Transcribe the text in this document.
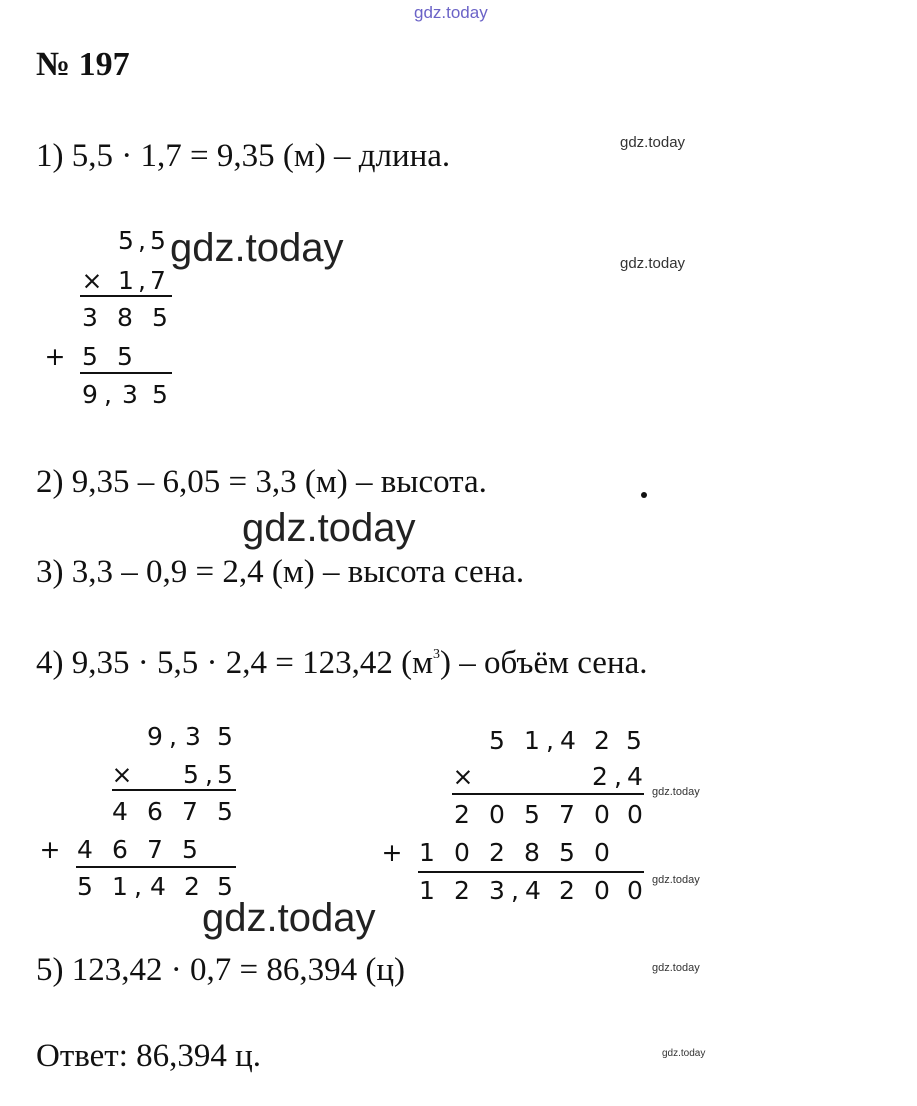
gdz.today
№ 197
1) 5,5 · 1,7 = 9,35 (м) – длина.	gdz.today
5 , 5
× 1 , 7
3 8 5
+ 5 5
9 , 3 5
gdz.today	gdz.today
2) 9,35 – 6,05 = 3,3 (м) – высота.
gdz.today
3) 3,3 – 0,9 = 2,4 (м) – высота сена.
4) 9,35 · 5,5 · 2,4 = 123,42 $(м^3)$ – объём сена.
9 , 3 5
× 5 , 5
4 6 7 5
+ 4 6 7 5
5 1 , 4 2 5
5 1 , 4 2 5
×	2 , 4
2 0 5 7 0 0
+ 1 0 2 8 5 0
1 2 3 , 4 2 0 0
gdz.today
gdz.today
gdz.today
5) 123,42 · 0,7 = 86,394 (ц)	gdz.today
Ответ: 86,394 ц.	gdz.today
